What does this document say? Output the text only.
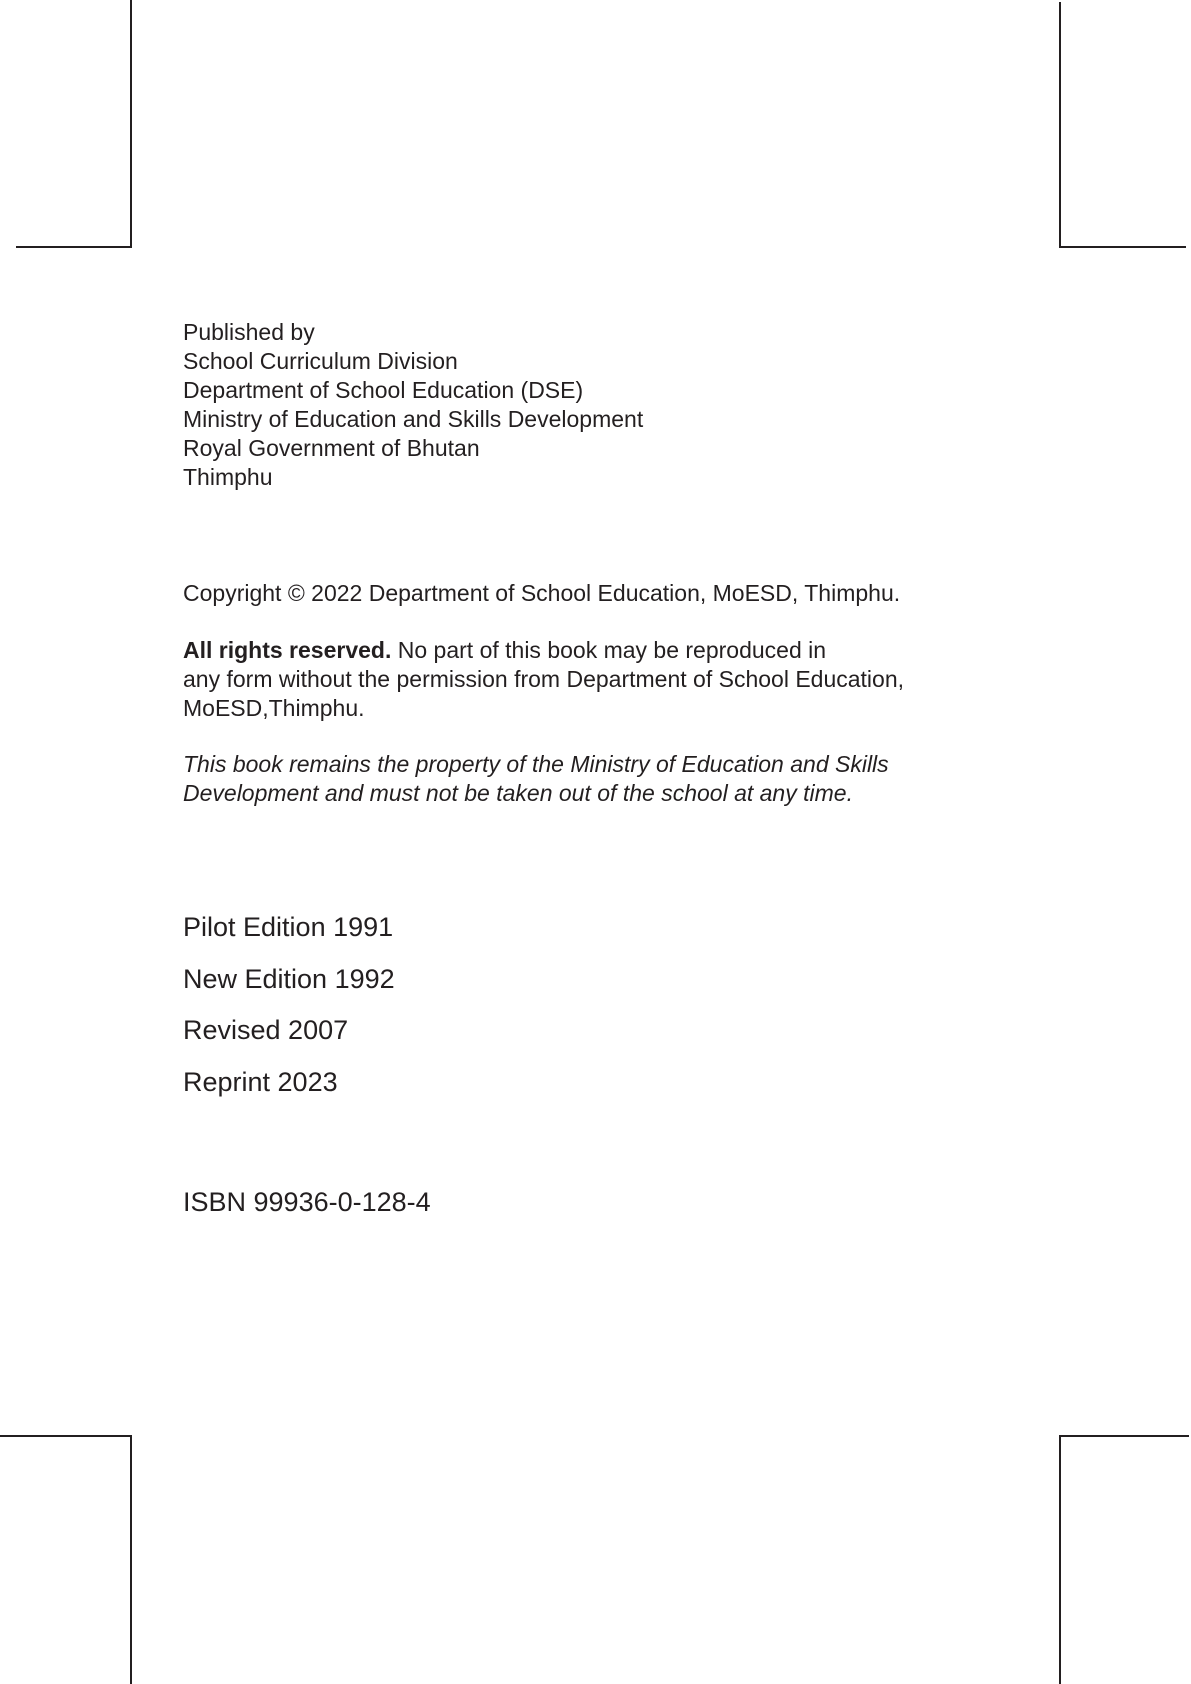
Published by
School Curriculum Division
Department of School Education (DSE)
Ministry of Education and Skills Development
Royal Government of Bhutan
Thimphu
Copyright © 2022 Department of School Education, MoESD, Thimphu.
All rights reserved. No part of this book may be reproduced in
any form without the permission from Department of School Education,
MoESD,Thimphu.
This book remains the property of the Ministry of Education and Skills
Development and must not be taken out of the school at any time.
Pilot Edition 1991
New Edition 1992
Revised 2007
Reprint 2023
ISBN 99936-0-128-4
